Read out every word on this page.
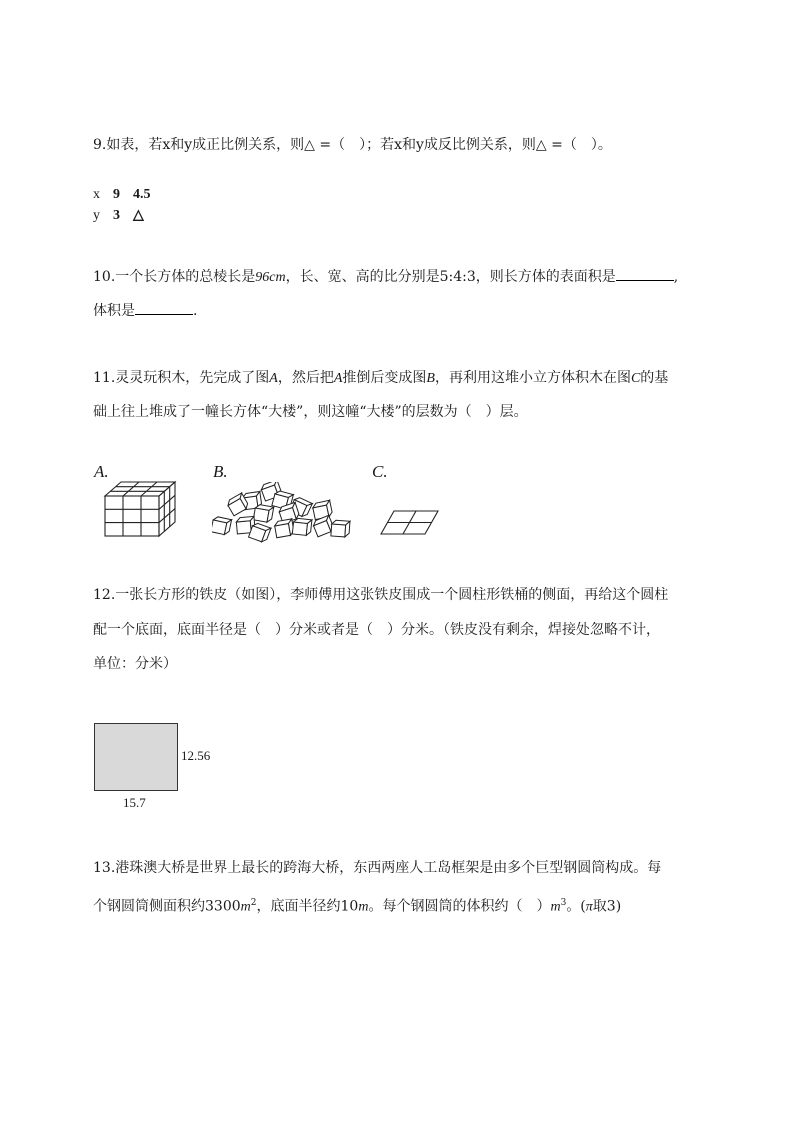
9.如表，若x和y成正比例关系，则△ =（　）；若x和y成反比例关系，则△ =（　）。
x 9 4.5
y 3 △
10.一个长方体的总棱长是96cm，长、宽、高的比分别是5:4:3，则长方体的表面积是	,
体积是	.
11.灵灵玩积木，先完成了图A，然后把A推倒后变成图B，再利用这堆小立方体积木在图C的基
础上往上堆成了一幢长方体“大楼”，则这幢“大楼”的层数为（　）层。
A.	B.	C.
12.一张长方形的铁皮（如图），李师傅用这张铁皮围成一个圆柱形铁桶的侧面，再给这个圆柱
配一个底面，底面半径是（　）分米或者是（　）分米。（铁皮没有剩余，焊接处忽略不计，
单位：分米）
12.56
15.7
13.港珠澳大桥是世界上最长的跨海大桥，东西两座人工岛框架是由多个巨型钢圆筒构成。每
个钢圆筒侧面积约$3300m^2$，底面半径约10m。每个钢圆筒的体积约（　）$m^3$。(π取3)
